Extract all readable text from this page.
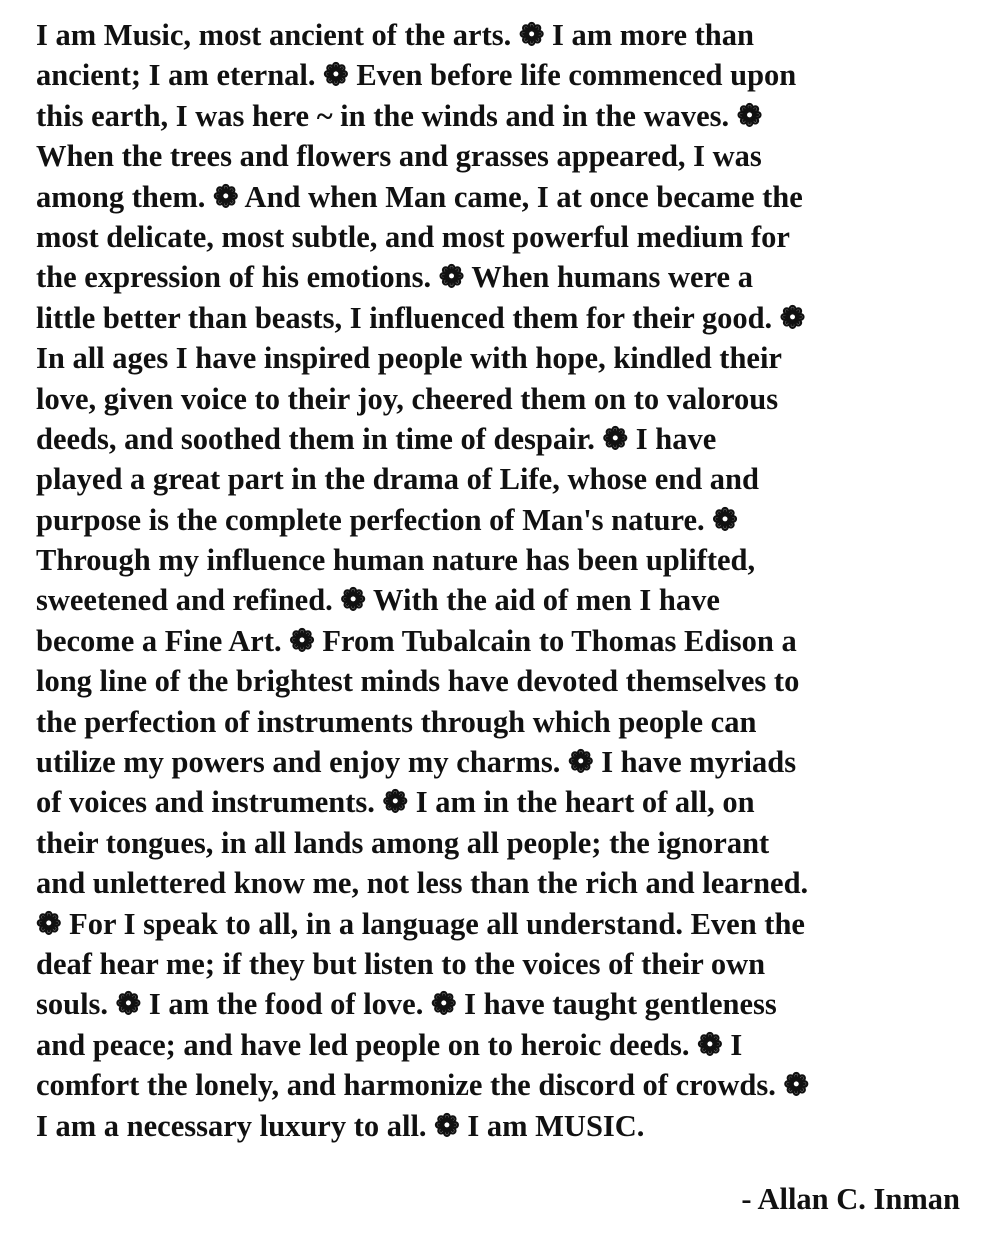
I am Music, most ancient of the arts. ❁ I am more than
ancient; I am eternal. ❁ Even before life commenced upon
this earth, I was here ~ in the winds and in the waves. ❁
When the trees and flowers and grasses appeared, I was
among them. ❁ And when Man came, I at once became the
most delicate, most subtle, and most powerful medium for
the expression of his emotions. ❁ When humans were a
little better than beasts, I influenced them for their good. ❁
In all ages I have inspired people with hope, kindled their
love, given voice to their joy, cheered them on to valorous
deeds, and soothed them in time of despair. ❁ I have
played a great part in the drama of Life, whose end and
purpose is the complete perfection of Man's nature. ❁
Through my influence human nature has been uplifted,
sweetened and refined. ❁ With the aid of men I have
become a Fine Art. ❁ From Tubalcain to Thomas Edison a
long line of the brightest minds have devoted themselves to
the perfection of instruments through which people can
utilize my powers and enjoy my charms. ❁ I have myriads
of voices and instruments. ❁ I am in the heart of all, on
their tongues, in all lands among all people; the ignorant
and unlettered know me, not less than the rich and learned.
❁ For I speak to all, in a language all understand. Even the
deaf hear me; if they but listen to the voices of their own
souls. ❁ I am the food of love. ❁ I have taught gentleness
and peace; and have led people on to heroic deeds. ❁ I
comfort the lonely, and harmonize the discord of crowds. ❁
I am a necessary luxury to all. ❁ I am MUSIC.
- Allan C. Inman
